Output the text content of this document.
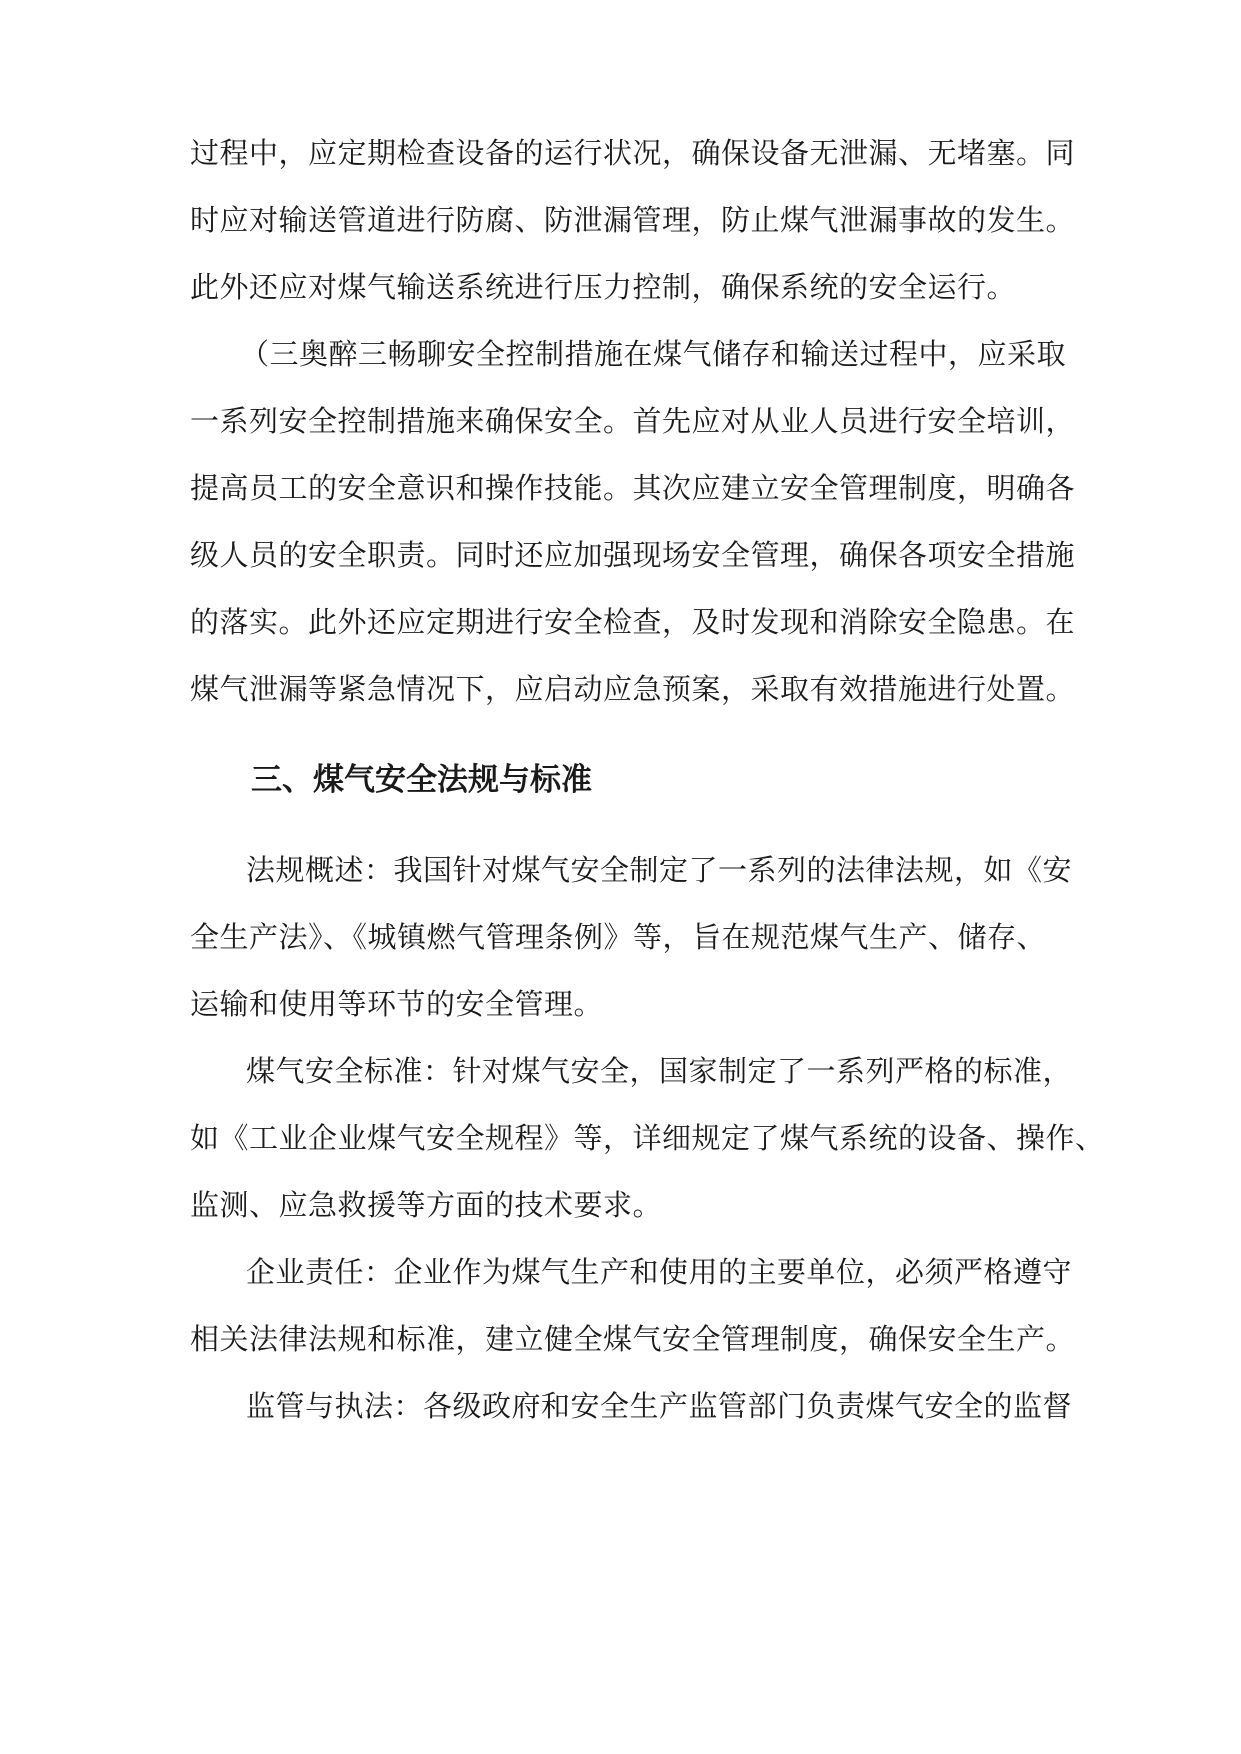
过程中，应定期检查设备的运行状况，确保设备无泄漏、无堵塞。同
时应对输送管道进行防腐、防泄漏管理，防止煤气泄漏事故的发生。
此外还应对煤气输送系统进行压力控制，确保系统的安全运行。
（三奥醉三畅聊安全控制措施在煤气储存和输送过程中，应采取
一系列安全控制措施来确保安全。首先应对从业人员进行安全培训，
提高员工的安全意识和操作技能。其次应建立安全管理制度，明确各
级人员的安全职责。同时还应加强现场安全管理，确保各项安全措施
的落实。此外还应定期进行安全检查，及时发现和消除安全隐患。在
煤气泄漏等紧急情况下，应启动应急预案，采取有效措施进行处置。
三、煤气安全法规与标准
法规概述：我国针对煤气安全制定了一系列的法律法规，如《安
全生产法》、《城镇燃气管理条例》等，旨在规范煤气生产、储存、
运输和使用等环节的安全管理。
煤气安全标准：针对煤气安全，国家制定了一系列严格的标准，
如《工业企业煤气安全规程》等，详细规定了煤气系统的设备、操作、
监测、应急救援等方面的技术要求。
企业责任：企业作为煤气生产和使用的主要单位，必须严格遵守
相关法律法规和标准，建立健全煤气安全管理制度，确保安全生产。
监管与执法：各级政府和安全生产监管部门负责煤气安全的监督
